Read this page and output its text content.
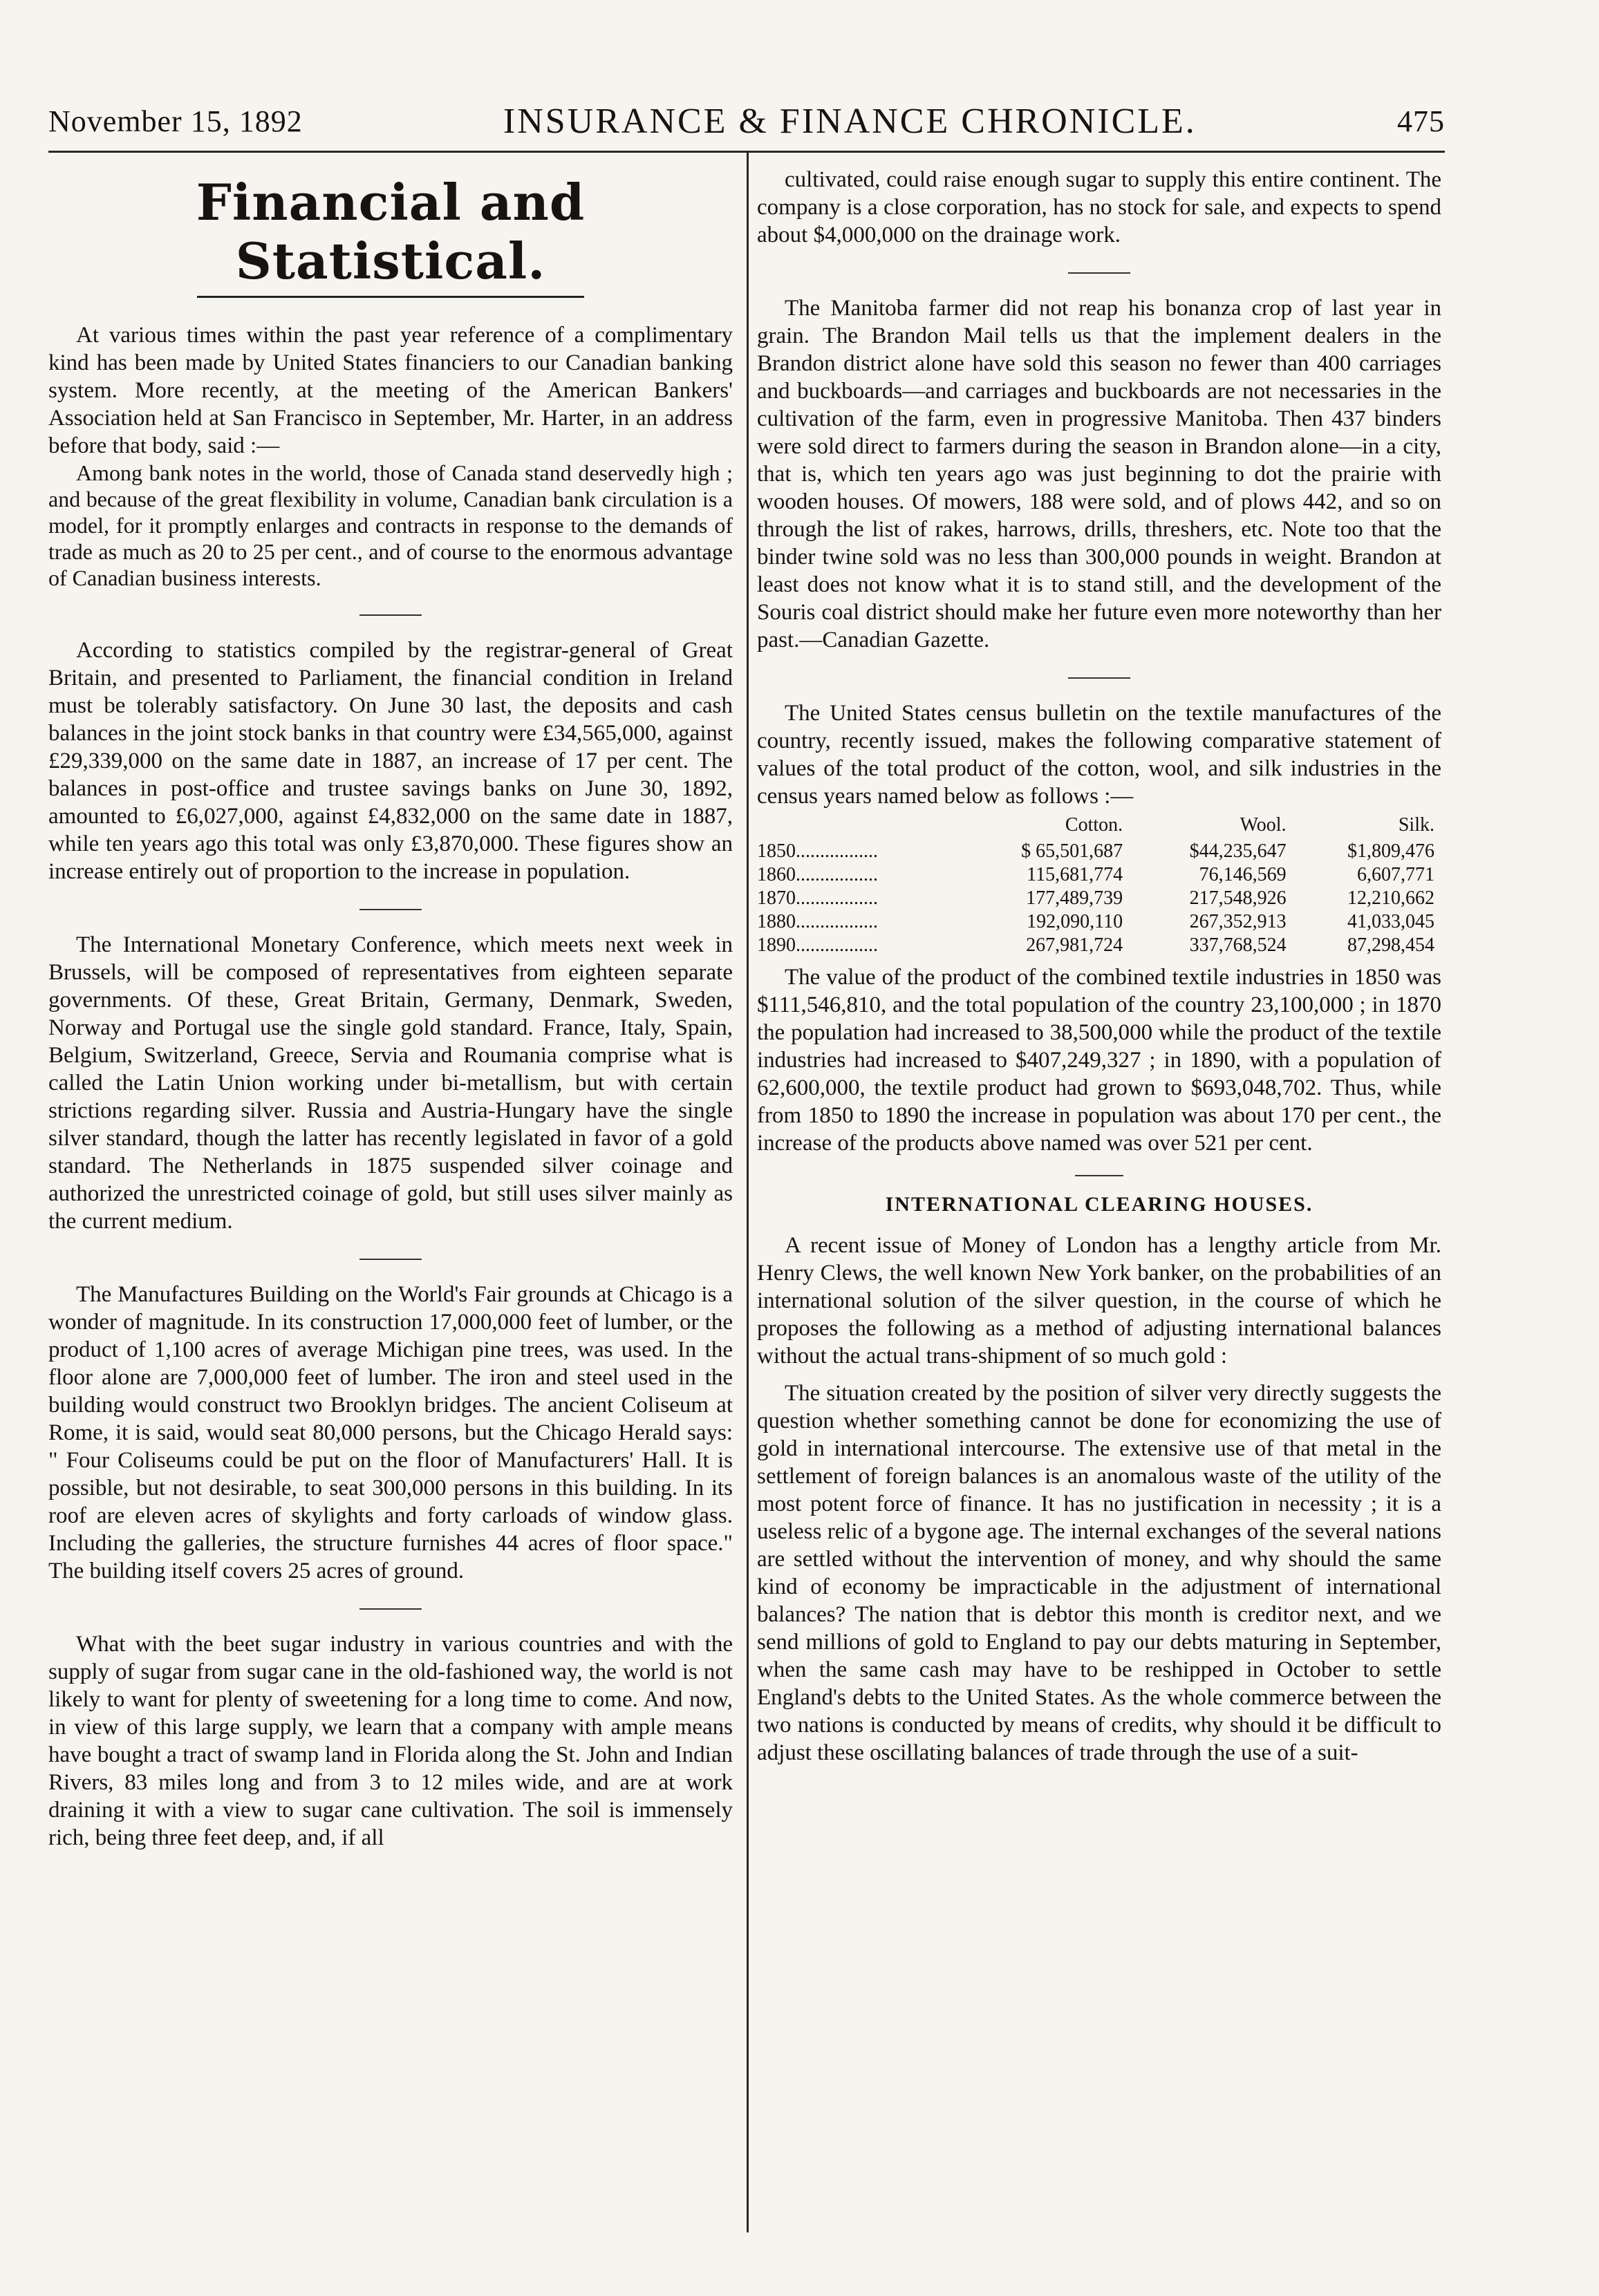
November 15, 1892	INSURANCE & FINANCE CHRONICLE.	475
Financial and Statistical.

At various times within the past year reference of a complimentary kind has been made by United States financiers to our Canadian banking system. More recently, at the meeting of the American Bankers' Association held at San Francisco in September, Mr. Harter, in an address before that body, said :—

Among bank notes in the world, those of Canada stand deservedly high ; and because of the great flexibility in volume, Canadian bank circulation is a model, for it promptly enlarges and contracts in response to the demands of trade as much as 20 to 25 per cent., and of course to the enormous advantage of Canadian business interests.

According to statistics compiled by the registrar-general of Great Britain, and presented to Parliament, the financial condition in Ireland must be tolerably satisfactory. On June 30 last, the deposits and cash balances in the joint stock banks in that country were £34,565,000, against £29,339,000 on the same date in 1887, an increase of 17 per cent. The balances in post-office and trustee savings banks on June 30, 1892, amounted to £6,027,000, against £4,832,000 on the same date in 1887, while ten years ago this total was only £3,870,000. These figures show an increase entirely out of proportion to the increase in population.

The International Monetary Conference, which meets next week in Brussels, will be composed of representatives from eighteen separate governments. Of these, Great Britain, Germany, Denmark, Sweden, Norway and Portugal use the single gold standard. France, Italy, Spain, Belgium, Switzerland, Greece, Servia and Roumania comprise what is called the Latin Union working under bi-metallism, but with certain strictions regarding silver. Russia and Austria-Hungary have the single silver standard, though the latter has recently legislated in favor of a gold standard. The Netherlands in 1875 suspended silver coinage and authorized the unrestricted coinage of gold, but still uses silver mainly as the current medium.

The Manufactures Building on the World's Fair grounds at Chicago is a wonder of magnitude. In its construction 17,000,000 feet of lumber, or the product of 1,100 acres of average Michigan pine trees, was used. In the floor alone are 7,000,000 feet of lumber. The iron and steel used in the building would construct two Brooklyn bridges. The ancient Coliseum at Rome, it is said, would seat 80,000 persons, but the Chicago Herald says: " Four Coliseums could be put on the floor of Manufacturers' Hall. It is possible, but not desirable, to seat 300,000 persons in this building. In its roof are eleven acres of skylights and forty carloads of window glass. Including the galleries, the structure furnishes 44 acres of floor space." The building itself covers 25 acres of ground.

What with the beet sugar industry in various countries and with the supply of sugar from sugar cane in the old-fashioned way, the world is not likely to want for plenty of sweetening for a long time to come. And now, in view of this large supply, we learn that a company with ample means have bought a tract of swamp land in Florida along the St. John and Indian Rivers, 83 miles long and from 3 to 12 miles wide, and are at work draining it with a view to sugar cane cultivation. The soil is immensely rich, being three feet deep, and, if all

cultivated, could raise enough sugar to supply this entire continent. The company is a close corporation, has no stock for sale, and expects to spend about $4,000,000 on the drainage work.

The Manitoba farmer did not reap his bonanza crop of last year in grain. The Brandon Mail tells us that the implement dealers in the Brandon district alone have sold this season no fewer than 400 carriages and buckboards—and carriages and buckboards are not necessaries in the cultivation of the farm, even in progressive Manitoba. Then 437 binders were sold direct to farmers during the season in Brandon alone—in a city, that is, which ten years ago was just beginning to dot the prairie with wooden houses. Of mowers, 188 were sold, and of plows 442, and so on through the list of rakes, harrows, drills, threshers, etc. Note too that the binder twine sold was no less than 300,000 pounds in weight. Brandon at least does not know what it is to stand still, and the development of the Souris coal district should make her future even more noteworthy than her past.—Canadian Gazette.

The United States census bulletin on the textile manufactures of the country, recently issued, makes the following comparative statement of values of the total product of the cotton, wool, and silk industries in the census years named below as follows :—

	Cotton.	Wool.	Silk.
1850.................	$ 65,501,687	$44,235,647	$1,809,476
1860.................	115,681,774	76,146,569	6,607,771
1870.................	177,489,739	217,548,926	12,210,662
1880.................	192,090,110	267,352,913	41,033,045
1890.................	267,981,724	337,768,524	87,298,454

The value of the product of the combined textile industries in 1850 was $111,546,810, and the total population of the country 23,100,000 ; in 1870 the population had increased to 38,500,000 while the product of the textile industries had increased to $407,249,327 ; in 1890, with a population of 62,600,000, the textile product had grown to $693,048,702. Thus, while from 1850 to 1890 the increase in population was about 170 per cent., the increase of the products above named was over 521 per cent.

INTERNATIONAL CLEARING HOUSES.

A recent issue of Money of London has a lengthy article from Mr. Henry Clews, the well known New York banker, on the probabilities of an international solution of the silver question, in the course of which he proposes the following as a method of adjusting international balances without the actual trans-shipment of so much gold :

The situation created by the position of silver very directly suggests the question whether something cannot be done for economizing the use of gold in international intercourse. The extensive use of that metal in the settlement of foreign balances is an anomalous waste of the utility of the most potent force of finance. It has no justification in necessity ; it is a useless relic of a bygone age. The internal exchanges of the several nations are settled without the intervention of money, and why should the same kind of economy be impracticable in the adjustment of international balances? The nation that is debtor this month is creditor next, and we send millions of gold to England to pay our debts maturing in September, when the same cash may have to be reshipped in October to settle England's debts to the United States. As the whole commerce between the two nations is conducted by means of credits, why should it be difficult to adjust these oscillating balances of trade through the use of a suit-
